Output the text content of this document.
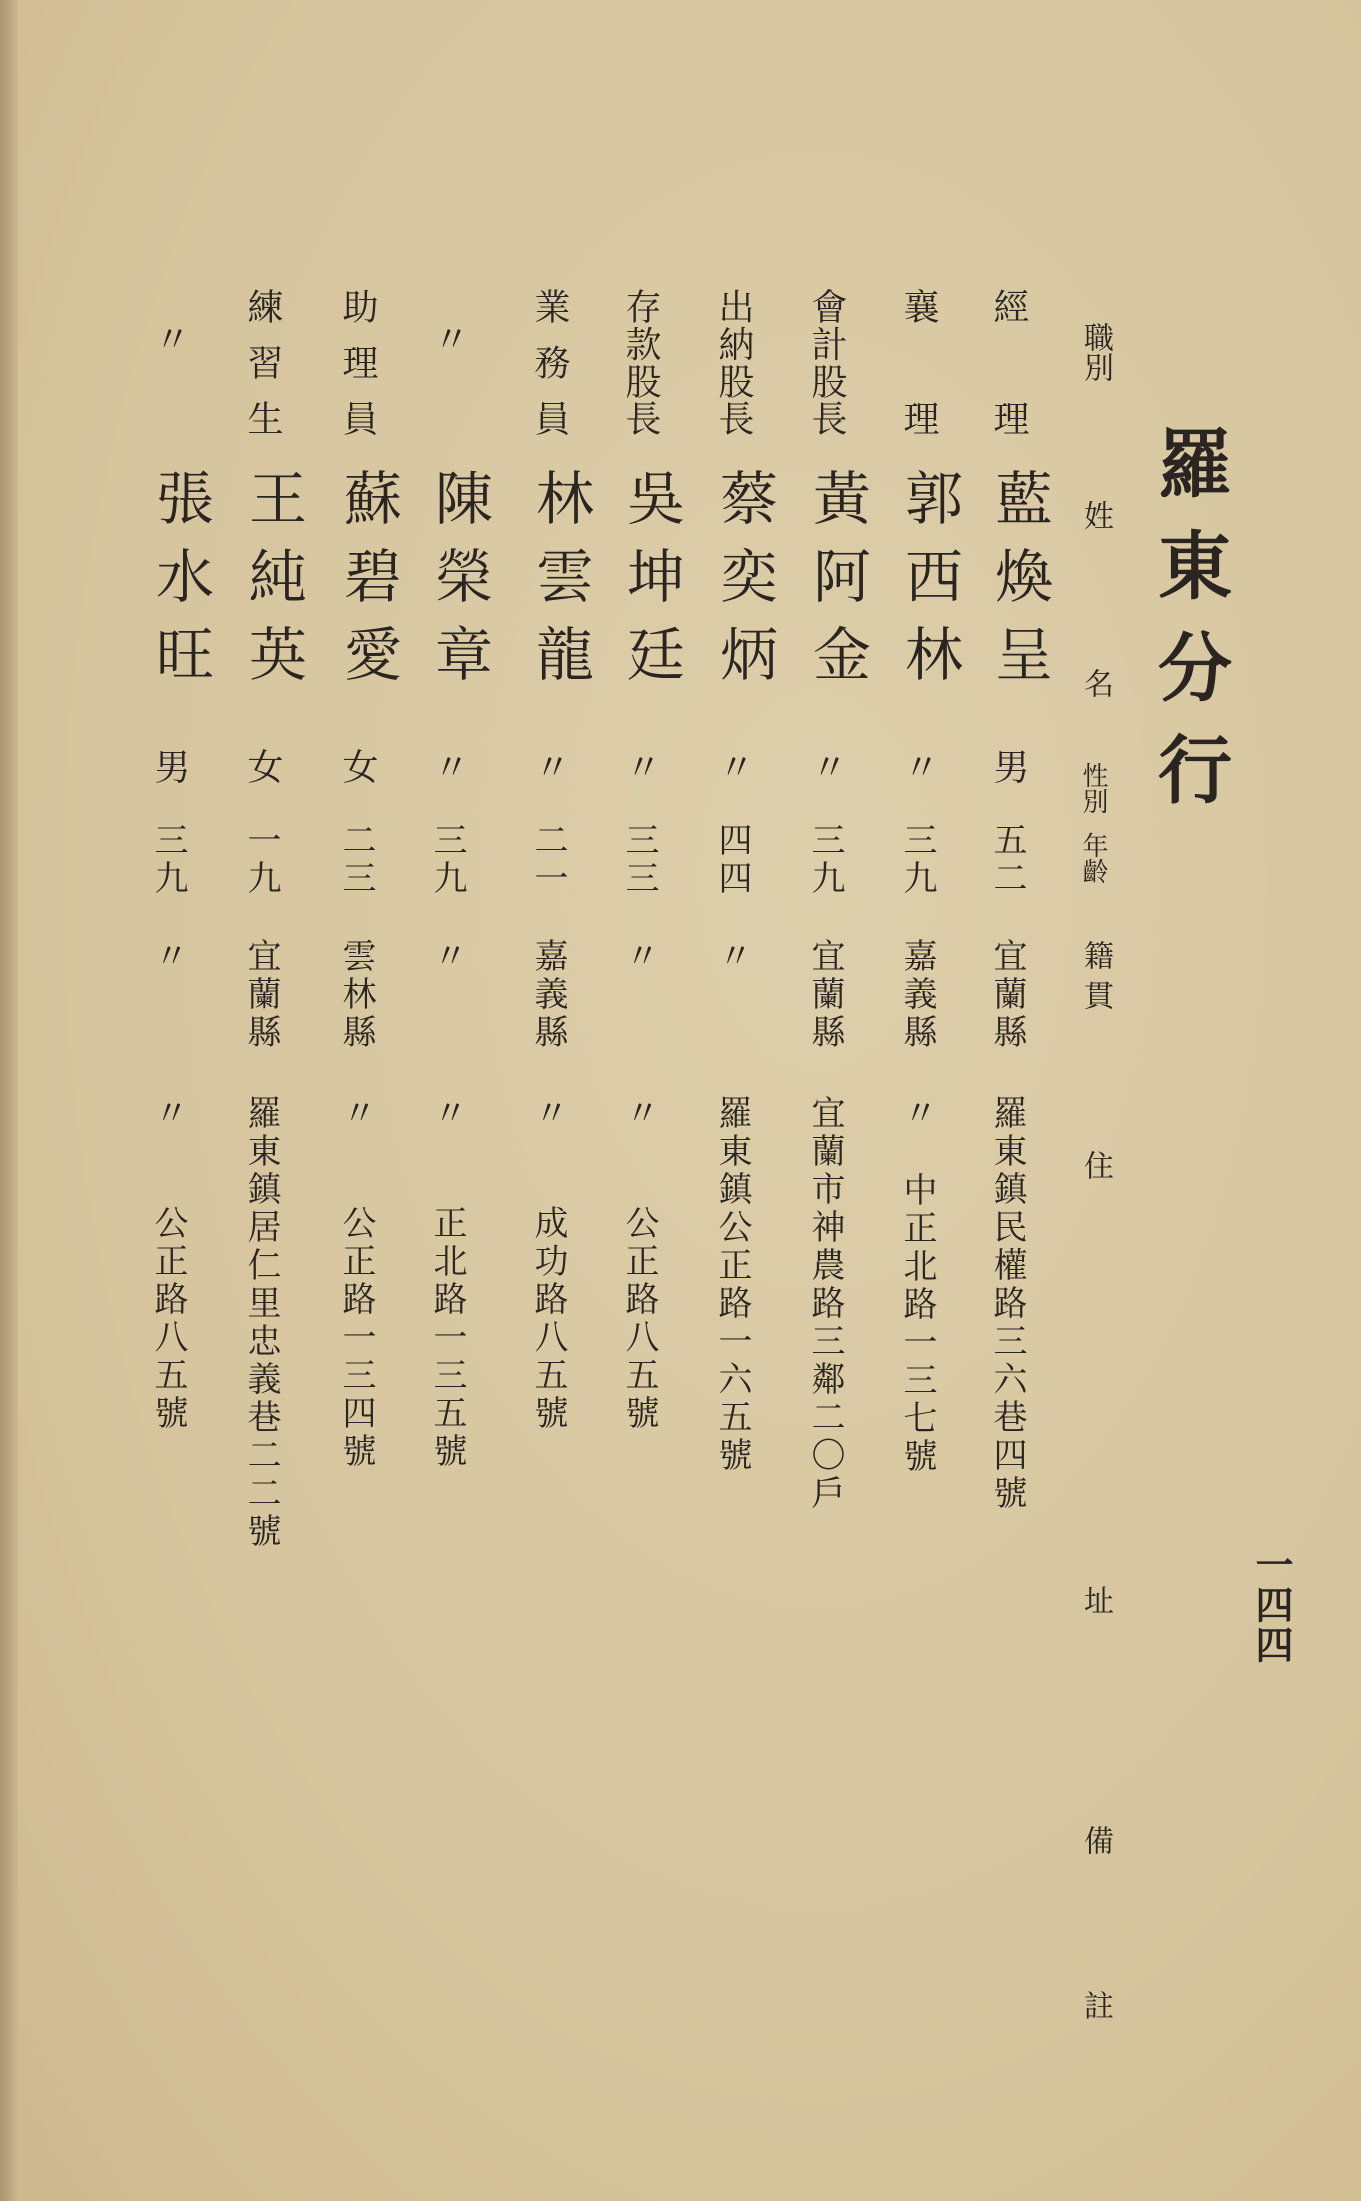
羅東分行
一四四
職別
姓
名
性別
年齡
籍貫
住
址
備
註
經理
藍煥呈
男
五二
宜蘭縣
羅東鎮民權路三六巷四號
襄理
郭西林
〃
三九
嘉義縣
〃
中正北路一三七號
會計股長
黃阿金
〃
三九
宜蘭縣
宜蘭市神農路三鄰二〇戶
出納股長
蔡奕炳
〃
四四
〃
羅東鎮公正路一六五號
存款股長
吳坤廷
〃
三三
〃
〃
公正路八五號
業務員
林雲龍
〃
二一
嘉義縣
〃
成功路八五號
〃
陳榮章
〃
三九
〃
〃
正北路一三五號
助理員
蘇碧愛
女
二三
雲林縣
〃
公正路一三四號
練習生
王純英
女
一九
宜蘭縣
羅東鎮居仁里忠義巷二二號
〃
張水旺
男
三九
〃
〃
公正路八五號
